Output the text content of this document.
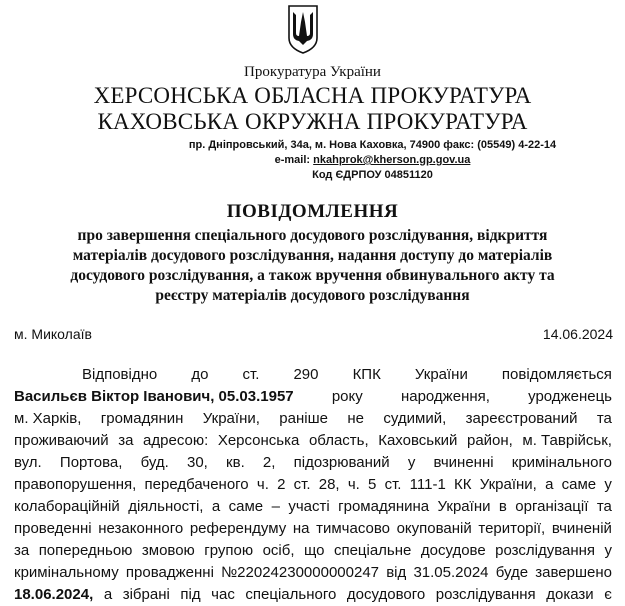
Прокуратура України
ХЕРСОНСЬКА ОБЛАСНА ПРОКУРАТУРА
КАХОВСЬКА ОКРУЖНА ПРОКУРАТУРА
пр. Дніпровський, 34а, м. Нова Каховка, 74900 факс: (05549) 4-22-14
e-mail: nkahprok@kherson.gp.gov.ua
Код ЄДРПОУ 04851120
ПОВІДОМЛЕННЯ
про завершення спеціального досудового розслідування, відкриття
матеріалів досудового розслідування, надання доступу до матеріалів
досудового розслідування, а також вручення обвинувального акту та
реєстру матеріалів досудового розслідування
м. Миколаїв	14.06.2024
Відповідно до ст. 290 КПК України повідомляється
Васильєв Віктор Іванович, 05.03.1957	року	народження,	уродженець
м. Харків, громадянин України, раніше не судимий, зареєстрований та
проживаючий за адресою: Херсонська область, Каховський район, м. Таврійськ,
вул. Портова, буд. 30, кв. 2, підозрюваний у вчиненні кримінального
правопорушення, передбаченого ч. 2 ст. 28, ч. 5 ст. 111-1 КК України, а саме у
колабораційній діяльності, а саме – участі громадянина України в організації та
проведенні незаконного референдуму на тимчасово окупованій території, вчиненій
за попередньою змовою групою осіб, що спеціальне досудове розслідування у
кримінальному провадженні №22024230000000247 від 31.05.2024 буде завершено
18.06.2024, а зібрані під час спеціального досудового розслідування докази є
